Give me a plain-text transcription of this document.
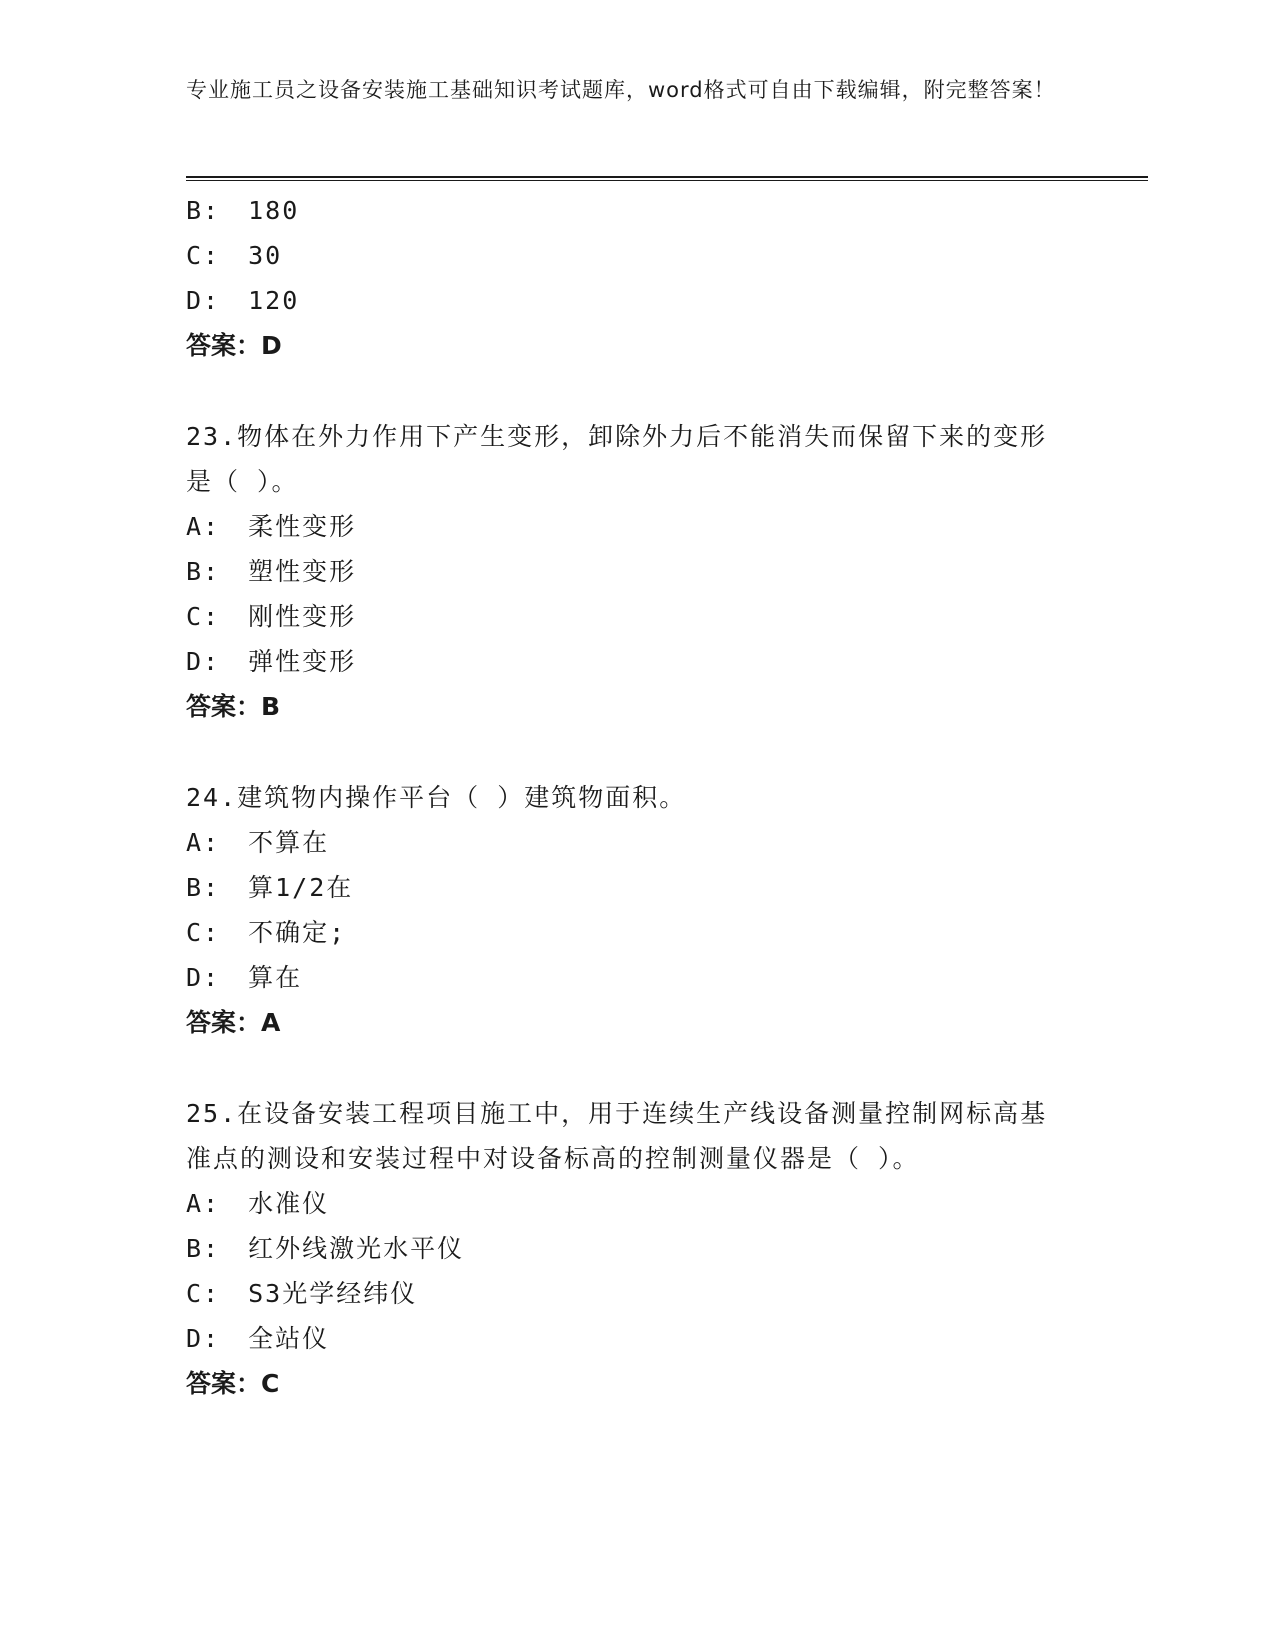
专业施工员之设备安装施工基础知识考试题库，word格式可自由下载编辑，附完整答案！
B: 180
C: 30
D: 120
答案：D
23.物体在外力作用下产生变形，卸除外力后不能消失而保留下来的变形是（ ）。
A: 柔性变形
B: 塑性变形
C: 刚性变形
D: 弹性变形
答案：B
24.建筑物内操作平台（ ）建筑物面积。
A: 不算在
B: 算1/2在
C: 不确定;
D: 算在
答案：A
25.在设备安装工程项目施工中，用于连续生产线设备测量控制网标高基准点的测设和安装过程中对设备标高的控制测量仪器是（ ）。
A: 水准仪
B: 红外线激光水平仪
C: S3光学经纬仪
D: 全站仪
答案：C
